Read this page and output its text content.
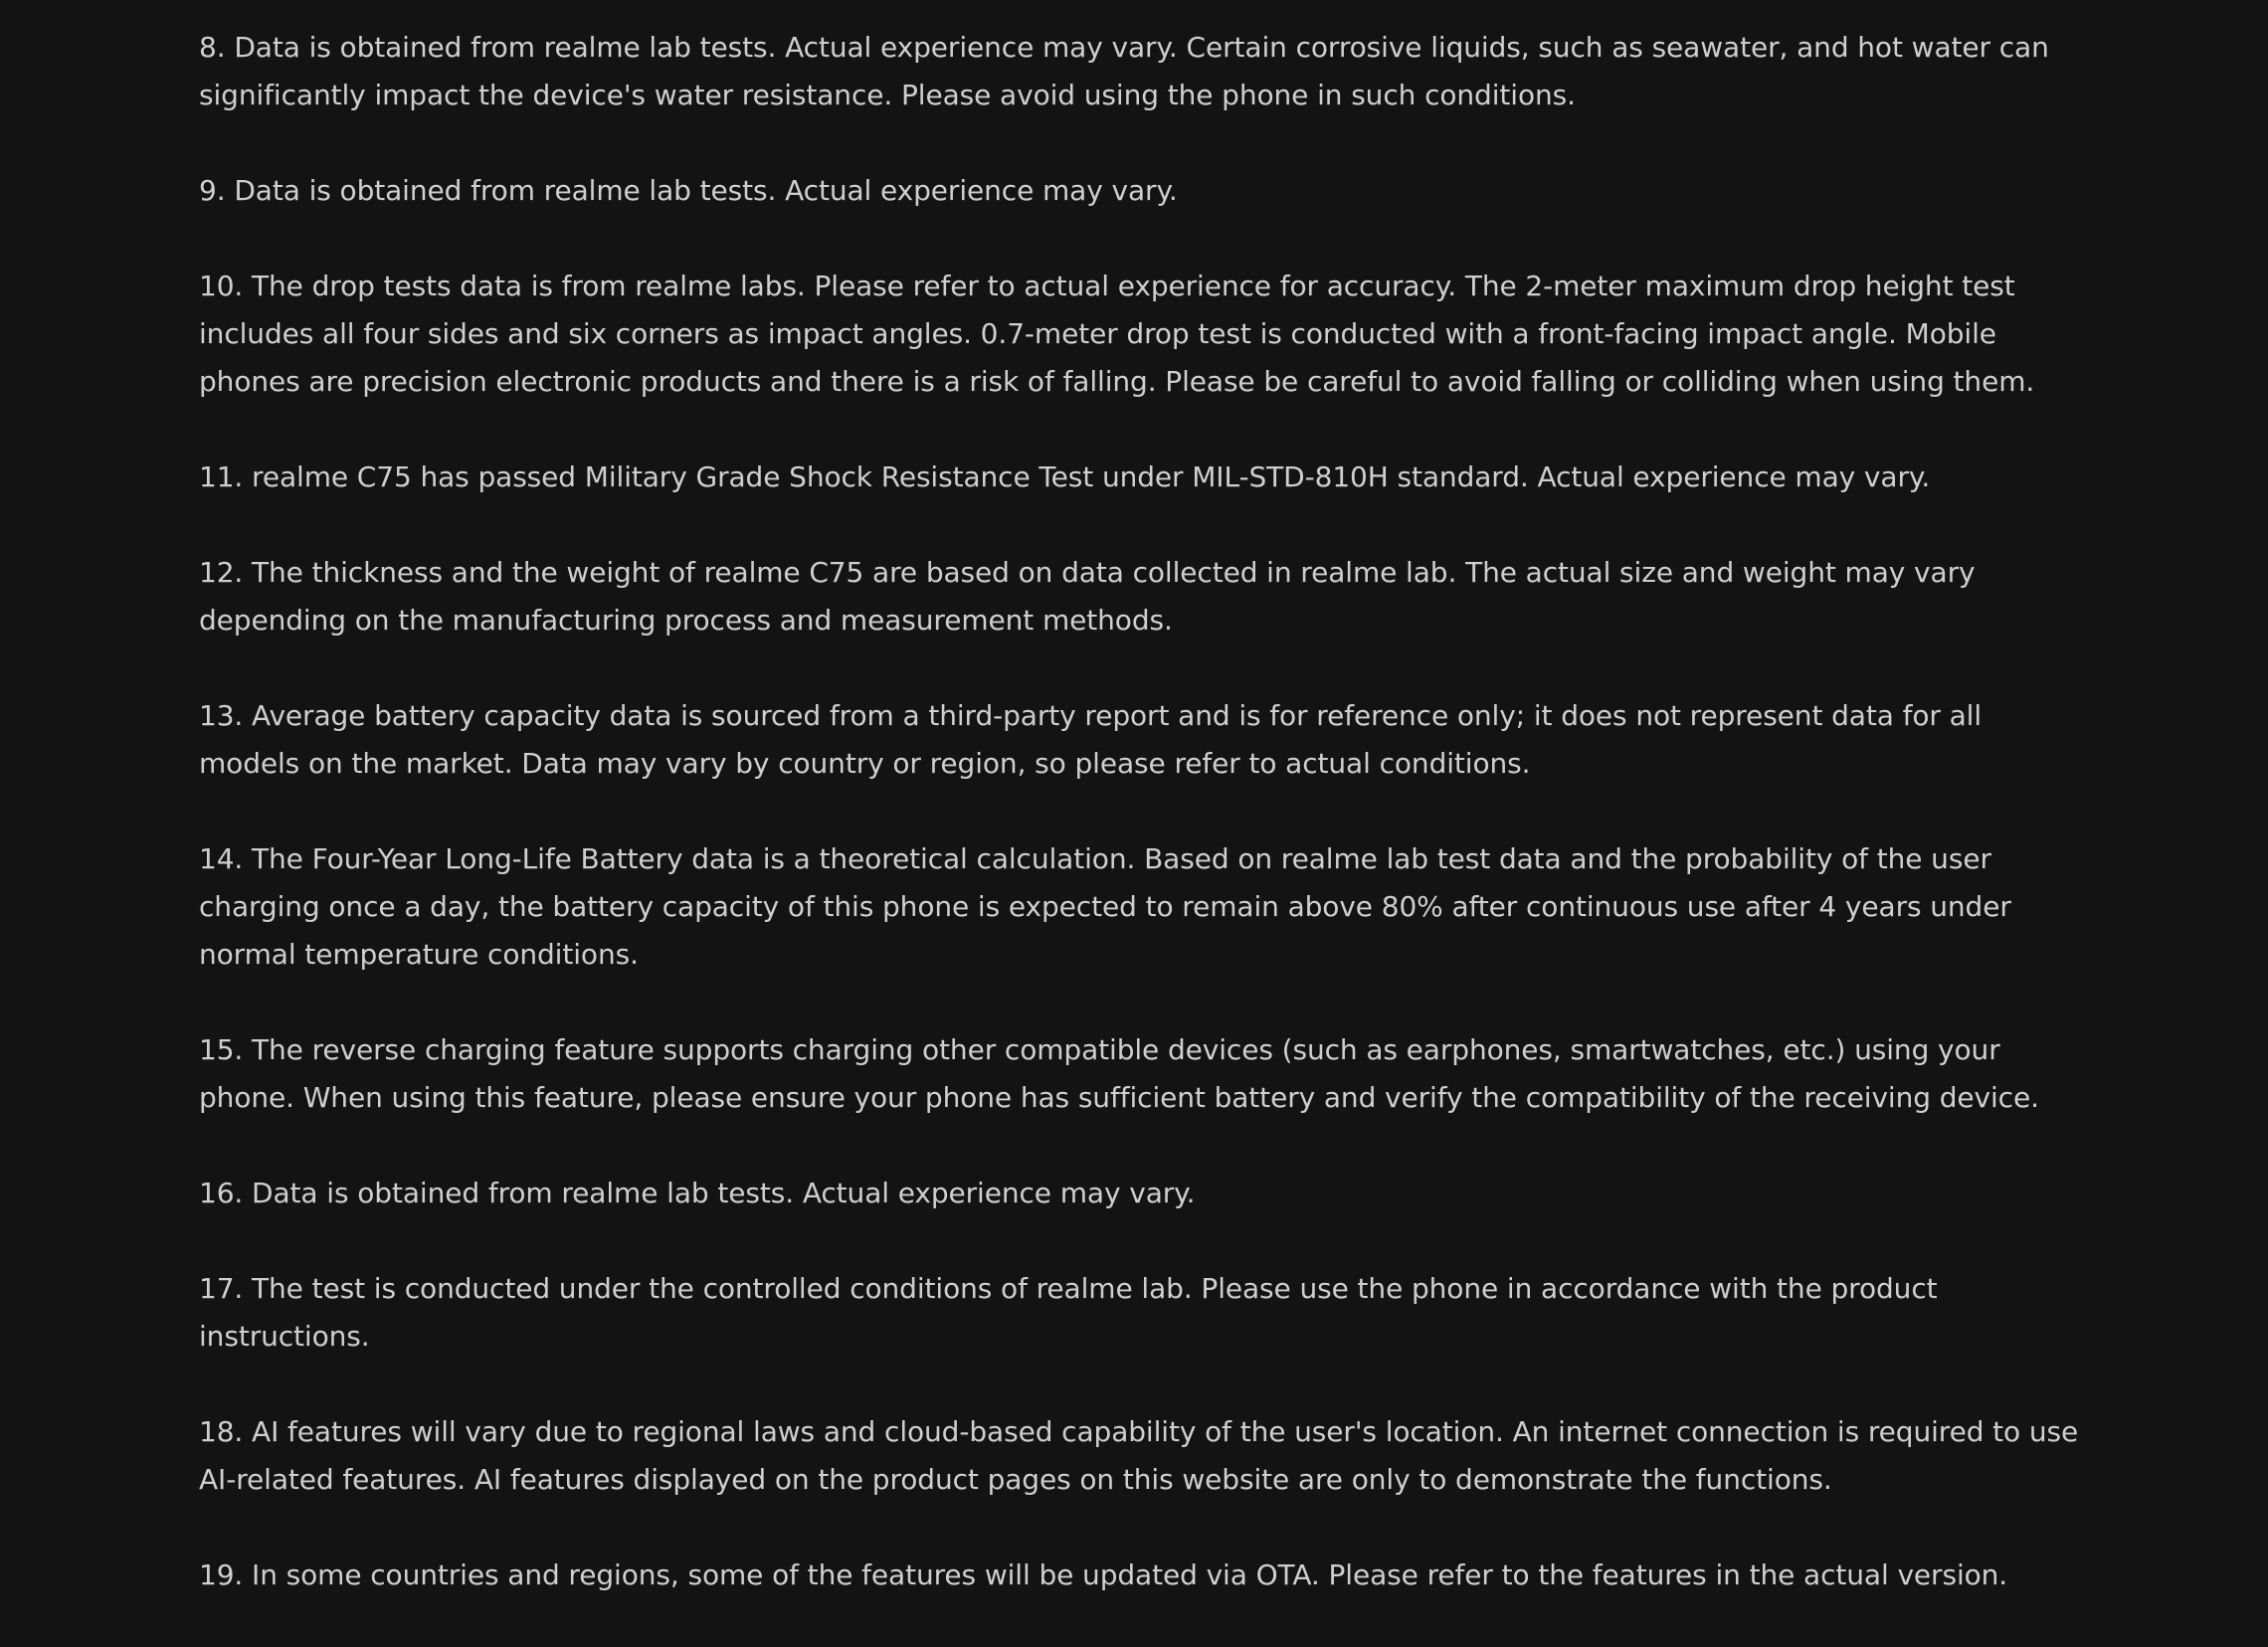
8. Data is obtained from realme lab tests. Actual experience may vary. Certain corrosive liquids, such as seawater, and hot water can significantly impact the device's water resistance. Please avoid using the phone in such conditions.

9. Data is obtained from realme lab tests. Actual experience may vary.

10. The drop tests data is from realme labs. Please refer to actual experience for accuracy. The 2-meter maximum drop height test includes all four sides and six corners as impact angles. 0.7-meter drop test is conducted with a front-facing impact angle. Mobile phones are precision electronic products and there is a risk of falling. Please be careful to avoid falling or colliding when using them.

11. realme C75 has passed Military Grade Shock Resistance Test under MIL-STD-810H standard. Actual experience may vary.

12. The thickness and the weight of realme C75 are based on data collected in realme lab. The actual size and weight may vary depending on the manufacturing process and measurement methods.

13. Average battery capacity data is sourced from a third-party report and is for reference only; it does not represent data for all models on the market. Data may vary by country or region, so please refer to actual conditions.

14. The Four-Year Long-Life Battery data is a theoretical calculation. Based on realme lab test data and the probability of the user charging once a day, the battery capacity of this phone is expected to remain above 80% after continuous use after 4 years under normal temperature conditions.

15. The reverse charging feature supports charging other compatible devices (such as earphones, smartwatches, etc.) using your phone. When using this feature, please ensure your phone has sufficient battery and verify the compatibility of the receiving device.

16. Data is obtained from realme lab tests. Actual experience may vary.

17. The test is conducted under the controlled conditions of realme lab. Please use the phone in accordance with the product instructions.

18. AI features will vary due to regional laws and cloud-based capability of the user's location. An internet connection is required to use AI-related features. AI features displayed on the product pages on this website are only to demonstrate the functions.

19. In some countries and regions, some of the features will be updated via OTA. Please refer to the features in the actual version.
